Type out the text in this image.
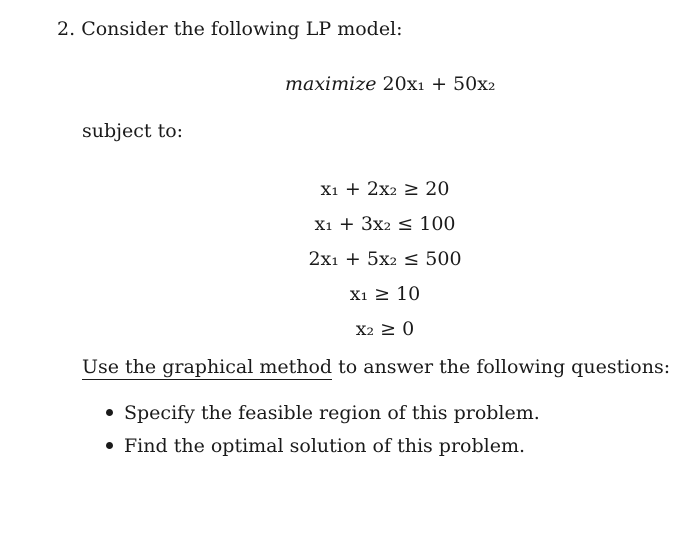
2. Consider the following LP model:
maximize 20x₁ + 50x₂
subject to:
x₁ + 2x₂ ≥ 20
x₁ + 3x₂ ≤ 100
2x₁ + 5x₂ ≤ 500
x₁ ≥ 10
x₂ ≥ 0
Use the graphical method to answer the following questions:
Specify the feasible region of this problem.
Find the optimal solution of this problem.
